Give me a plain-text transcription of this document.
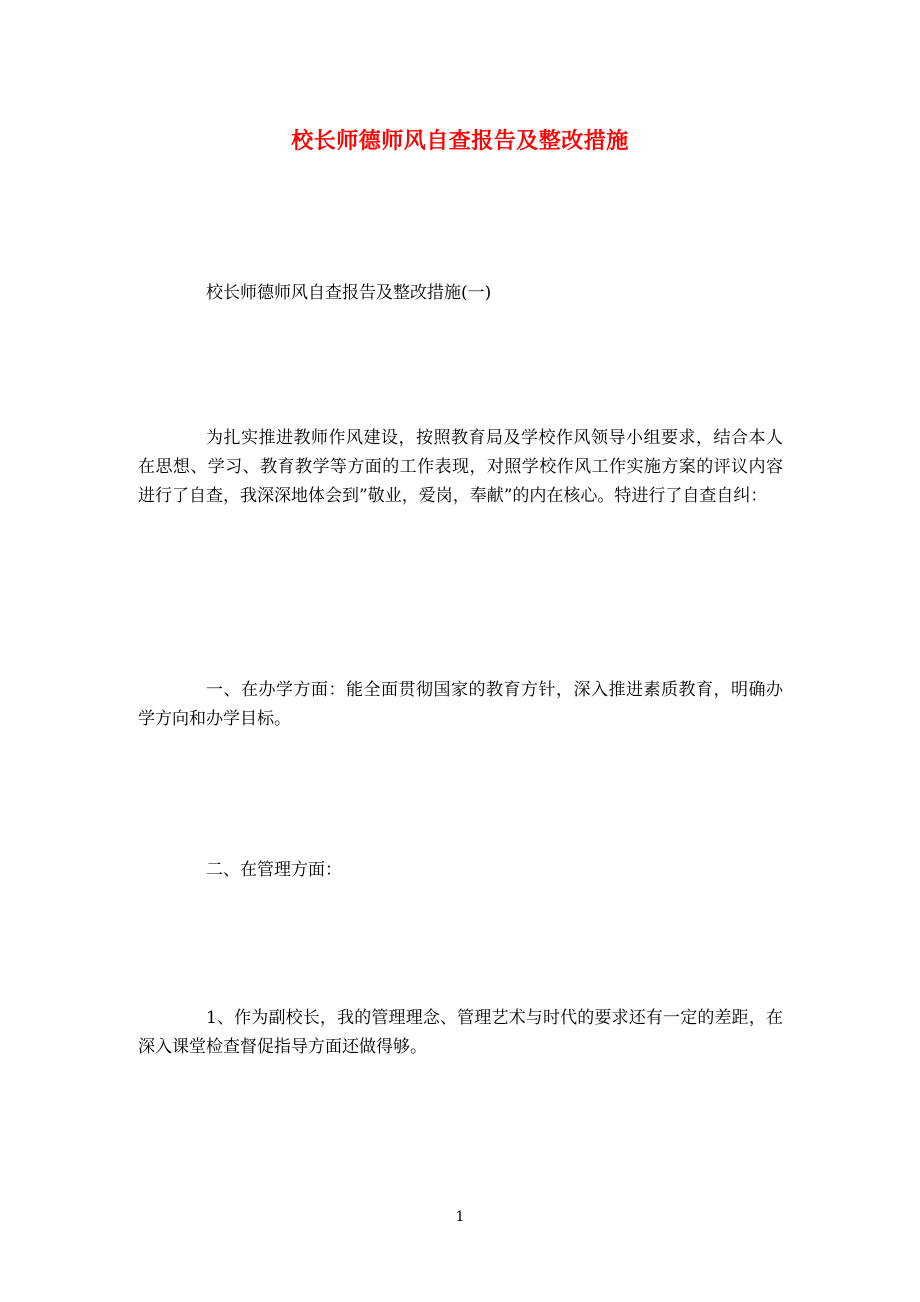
校长师德师风自查报告及整改措施

校长师德师风自查报告及整改措施(一)

为扎实推进教师作风建设，按照教育局及学校作风领导小组要求，结合本人在思想、学习、教育教学等方面的工作表现，对照学校作风工作实施方案的评议内容进行了自查，我深深地体会到”敬业，爱岗，奉献”的内在核心。特进行了自查自纠：

一、在办学方面：能全面贯彻国家的教育方针，深入推进素质教育，明确办学方向和办学目标。

二、在管理方面：

1、作为副校长，我的管理理念、管理艺术与时代的要求还有一定的差距，在深入课堂检查督促指导方面还做得够。

1
